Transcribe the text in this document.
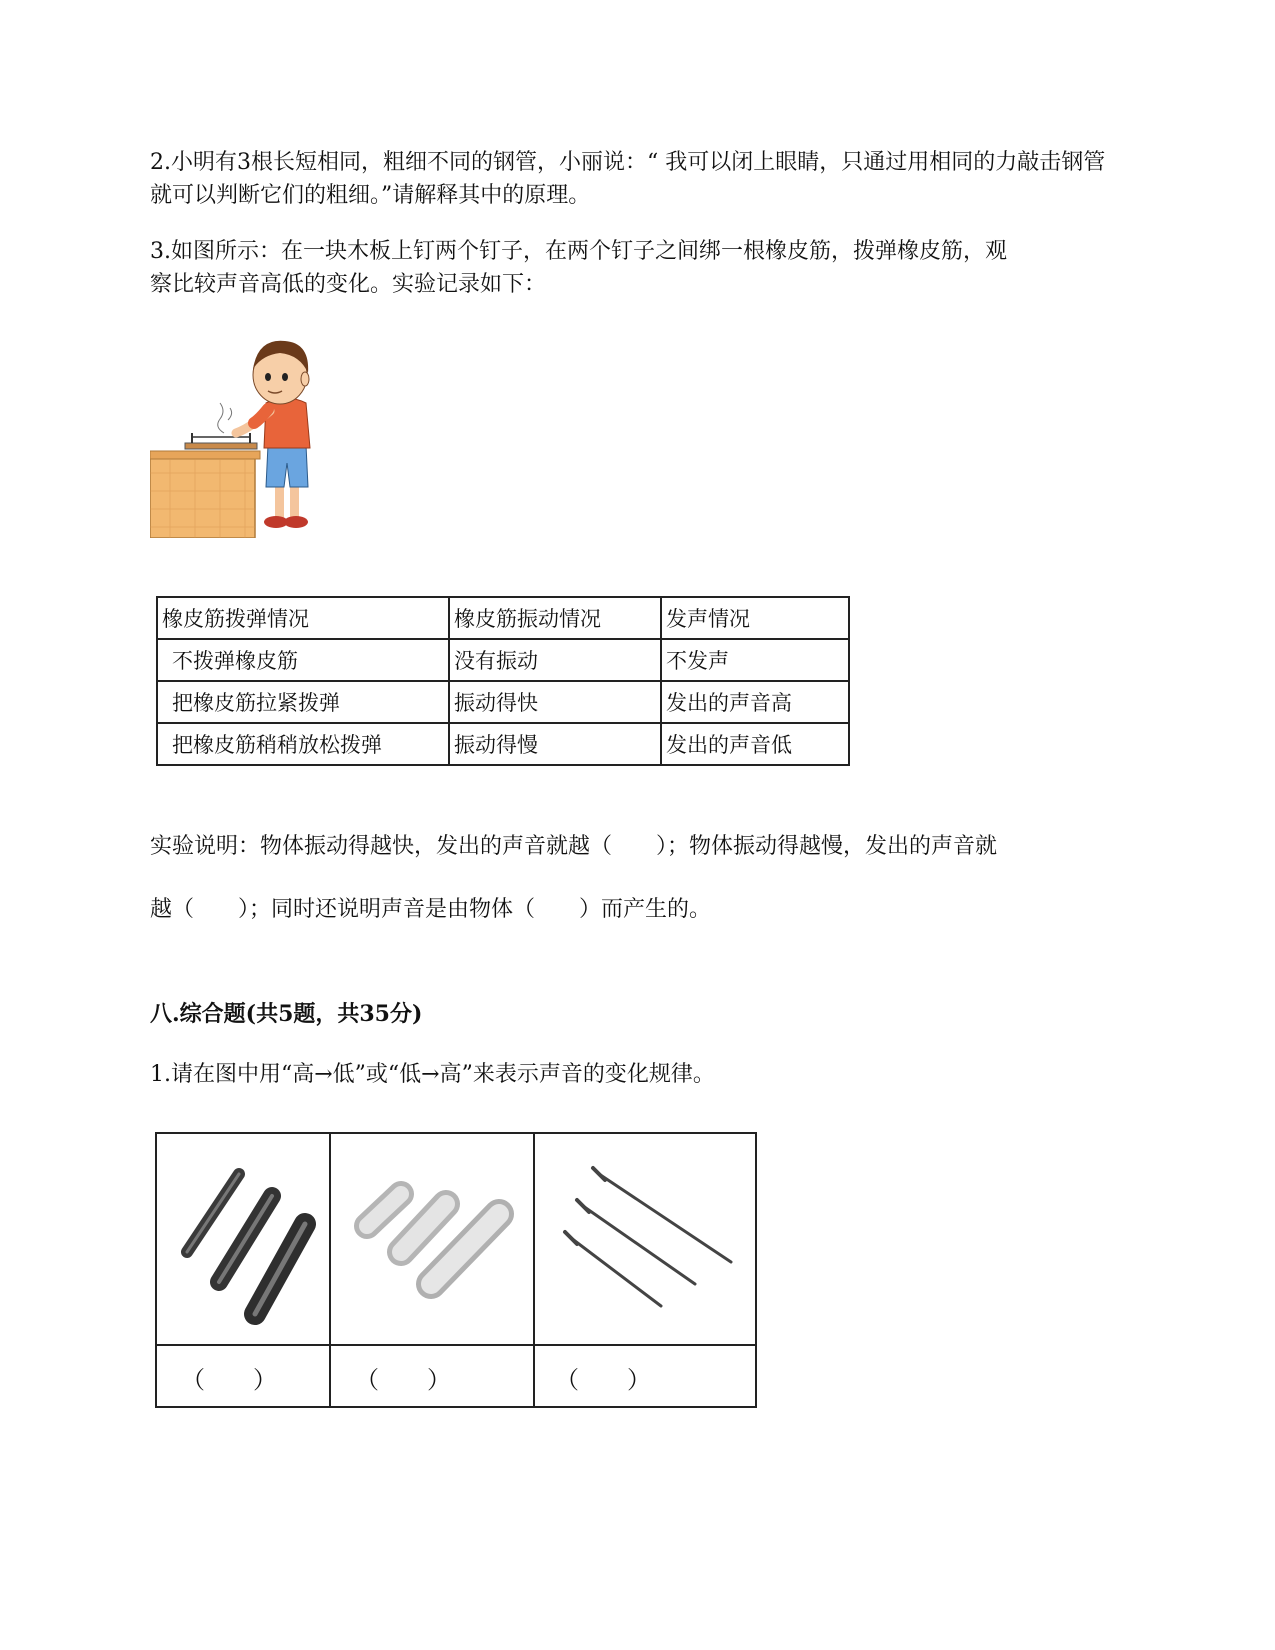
2.小明有3根长短相同，粗细不同的钢管，小丽说：“ 我可以闭上眼睛，只通过用相同的力敲击钢管就可以判断它们的粗细。”请解释其中的原理。

3.如图所示：在一块木板上钉两个钉子，在两个钉子之间绑一根橡皮筋，拨弹橡皮筋，观

察比较声音高低的变化。实验记录如下：

橡皮筋拨弹情况	橡皮筋振动情况	发声情况
不拨弹橡皮筋	没有振动	不发声
把橡皮筋拉紧拨弹	振动得快	发出的声音高
把橡皮筋稍稍放松拨弹	振动得慢	发出的声音低

实验说明：物体振动得越快，发出的声音就越（　　）；物体振动得越慢，发出的声音就

越（　　）；同时还说明声音是由物体（　　）而产生的。

八.综合题(共5题，共35分)

1.请在图中用“高→低”或“低→高”来表示声音的变化规律。

（　　）	（　　）	（　　）
